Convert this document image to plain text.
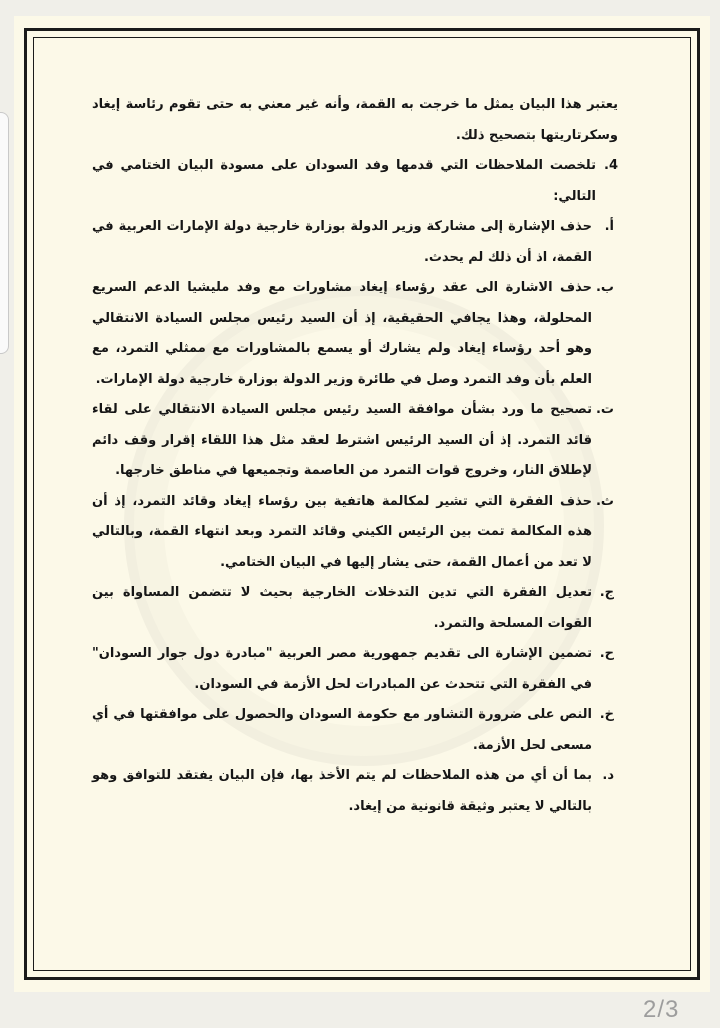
يعتبر هذا البيان يمثل ما خرجت به القمة، وأنه غير معني به حتى تقوم رئاسة إيغاد وسكرتاريتها بتصحيح ذلك.

4.
تلخصت الملاحظات التي قدمها وفد السودان على مسودة البيان الختامي في التالي:

أ.
حذف الإشارة إلى مشاركة وزير الدولة بوزارة خارجية دولة الإمارات العربية في القمة، اذ أن ذلك لم يحدث.
ب.
حذف الاشارة الى عقد رؤساء إيغاد مشاورات مع وفد مليشيا الدعم السريع المحلولة، وهذا يجافي الحقيقية، إذ أن السيد رئيس مجلس السيادة الانتقالي وهو أحد رؤساء إيغاد ولم يشارك أو يسمع بالمشاورات مع ممثلي التمرد، مع العلم بأن وفد التمرد وصل في طائرة وزير الدولة بوزارة خارجية دولة الإمارات.
ت.
تصحيح ما ورد بشأن موافقة السيد رئيس مجلس السيادة الانتقالي على لقاء قائد التمرد. إذ أن السيد الرئيس اشترط لعقد مثل هذا اللقاء إقرار وقف دائم لإطلاق النار، وخروج قوات التمرد من العاصمة وتجميعها في مناطق خارجها.
ث.
حذف الفقرة التي تشير لمكالمة هاتفية بين رؤساء إيغاد وقائد التمرد، إذ أن هذه المكالمة تمت بين الرئيس الكيني وقائد التمرد وبعد انتهاء القمة، وبالتالي لا تعد من أعمال القمة، حتى يشار إليها في البيان الختامي.
ج.
تعديل الفقرة التي تدين التدخلات الخارجية بحيث لا تتضمن المساواة بين القوات المسلحة والتمرد.
ح.
تضمين الإشارة الى تقديم جمهورية مصر العربية "مبادرة دول جوار السودان" في الفقرة التي تتحدث عن المبادرات لحل الأزمة في السودان.
خ.
النص على ضرورة التشاور مع حكومة السودان والحصول على موافقتها في أي مسعى لحل الأزمة.
د.
بما أن أي من هذه الملاحظات لم يتم الأخذ بها، فإن البيان يفتقد للتوافق وهو بالتالي لا يعتبر وثيقة قانونية من إيغاد.
2/3
